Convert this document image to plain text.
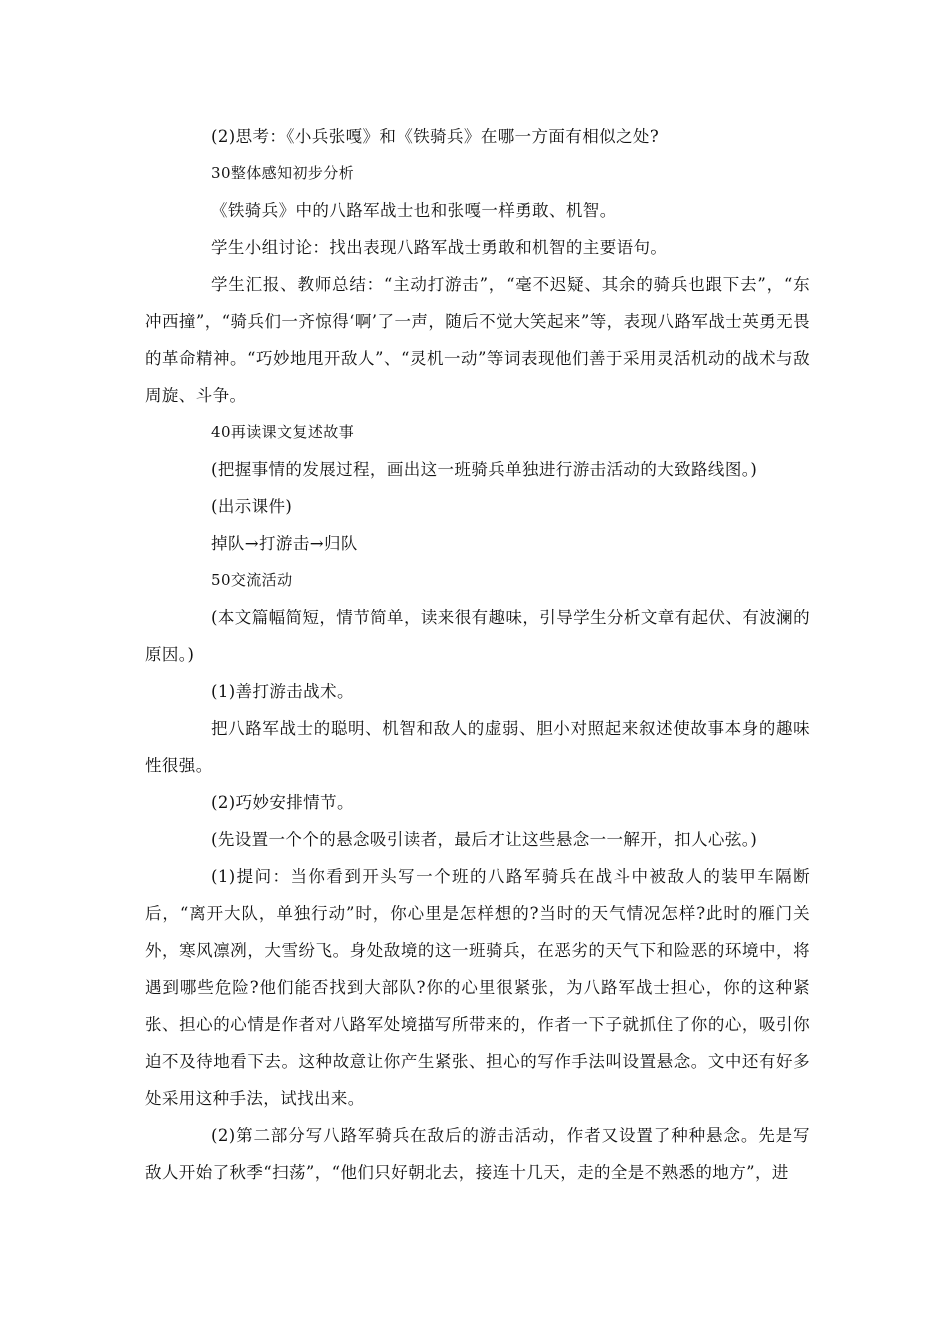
(2)思考：《小兵张嘎》和《铁骑兵》在哪一方面有相似之处?

30整体感知初步分析

《铁骑兵》中的八路军战士也和张嘎一样勇敢、机智。

学生小组讨论：找出表现八路军战士勇敢和机智的主要语句。

学生汇报、教师总结：“主动打游击”，“毫不迟疑、其余的骑兵也跟下去”，“东冲西撞”，“骑兵们一齐惊得‘啊’了一声，随后不觉大笑起来”等，表现八路军战士英勇无畏的革命精神。“巧妙地甩开敌人”、“灵机一动”等词表现他们善于采用灵活机动的战术与敌周旋、斗争。

40再读课文复述故事

(把握事情的发展过程，画出这一班骑兵单独进行游击活动的大致路线图。)

(出示课件)

掉队→打游击→归队

50交流活动

(本文篇幅简短，情节简单，读来很有趣味，引导学生分析文章有起伏、有波澜的原因。)

(1)善打游击战术。

把八路军战士的聪明、机智和敌人的虚弱、胆小对照起来叙述使故事本身的趣味性很强。

(2)巧妙安排情节。

(先设置一个个的悬念吸引读者，最后才让这些悬念一一解开，扣人心弦。)

(1)提问：当你看到开头写一个班的八路军骑兵在战斗中被敌人的装甲车隔断后，“离开大队，单独行动”时，你心里是怎样想的?当时的天气情况怎样?此时的雁门关外，寒风凛冽，大雪纷飞。身处敌境的这一班骑兵，在恶劣的天气下和险恶的环境中，将遇到哪些危险?他们能否找到大部队?你的心里很紧张，为八路军战士担心，你的这种紧张、担心的心情是作者对八路军处境描写所带来的，作者一下子就抓住了你的心，吸引你迫不及待地看下去。这种故意让你产生紧张、担心的写作手法叫设置悬念。文中还有好多处采用这种手法，试找出来。

(2)第二部分写八路军骑兵在敌后的游击活动，作者又设置了种种悬念。先是写敌人开始了秋季“扫荡”，“他们只好朝北去，接连十几天，走的全是不熟悉的地方”，进
